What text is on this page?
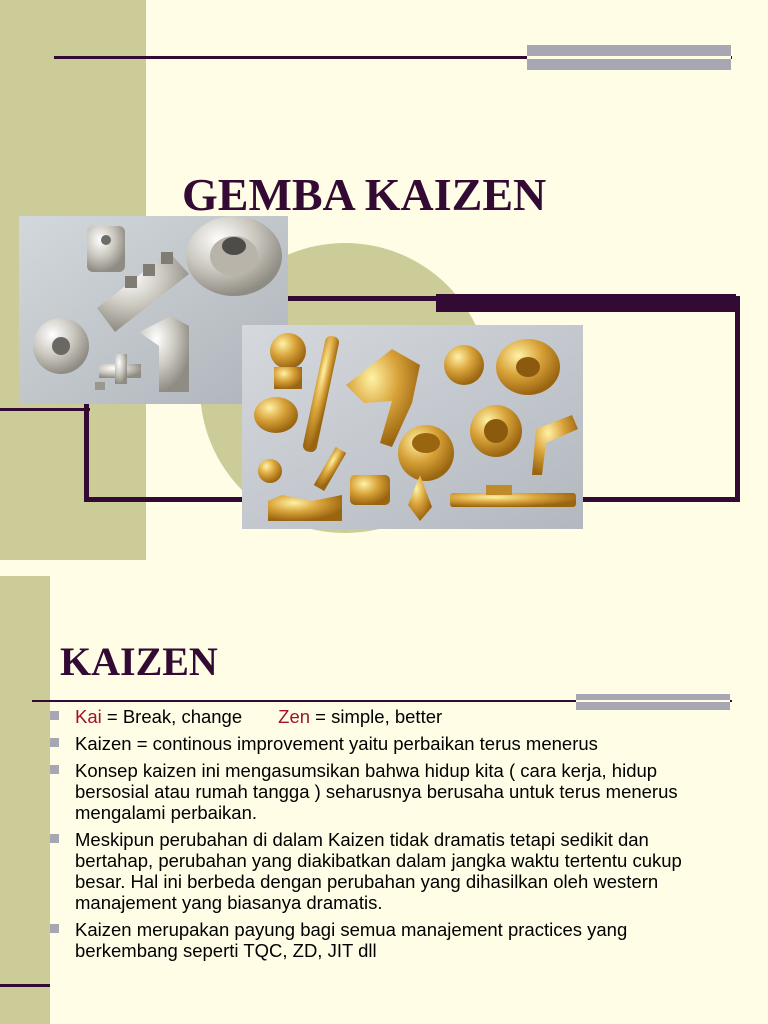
GEMBA KAIZEN
KAIZEN
Kai = Break, change Zen = simple, better
Kaizen = continous improvement yaitu perbaikan terus menerus
Konsep kaizen ini mengasumsikan bahwa hidup kita ( cara kerja, hidup bersosial atau rumah tangga ) seharusnya berusaha untuk terus menerus mengalami perbaikan.
Meskipun perubahan di dalam Kaizen tidak dramatis tetapi sedikit dan bertahap, perubahan yang diakibatkan dalam jangka waktu tertentu cukup besar. Hal ini berbeda dengan perubahan yang dihasilkan oleh western manajement yang biasanya dramatis.
Kaizen merupakan payung bagi semua manajement practices yang berkembang seperti TQC, ZD, JIT dll
